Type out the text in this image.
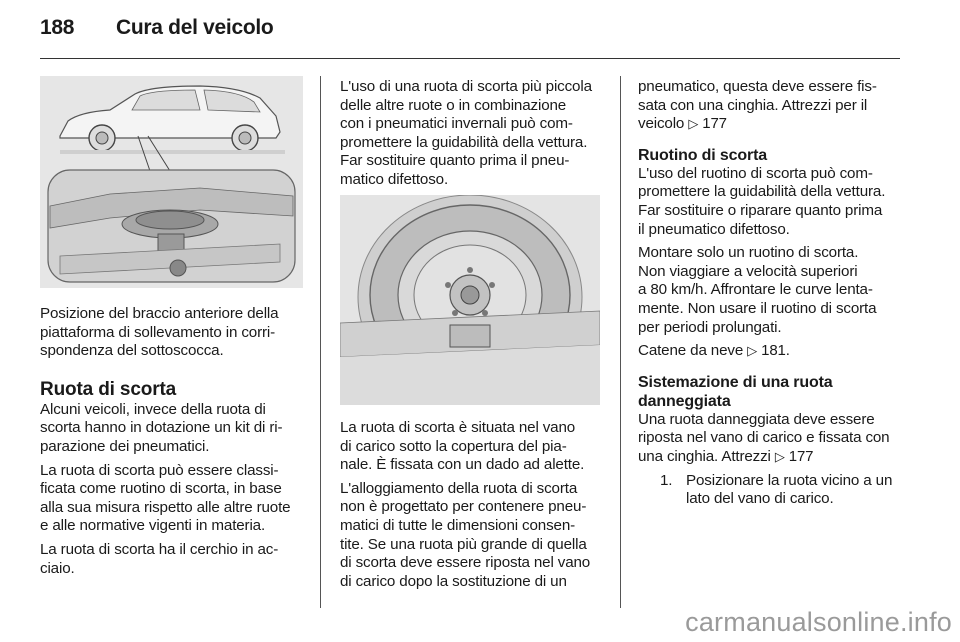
188 Cura del veicolo

Posizione del braccio anteriore della
piattaforma di sollevamento in corri-
spondenza del sottoscocca.

Ruota di scorta

Alcuni veicoli, invece della ruota di
scorta hanno in dotazione un kit di ri-
parazione dei pneumatici.

La ruota di scorta può essere classi-
ficata come ruotino di scorta, in base
alla sua misura rispetto alle altre ruote
e alle normative vigenti in materia.

La ruota di scorta ha il cerchio in ac-
ciaio.

L'uso di una ruota di scorta più piccola
delle altre ruote o in combinazione
con i pneumatici invernali può com-
promettere la guidabilità della vettura.
Far sostituire quanto prima il pneu-
matico difettoso.

La ruota di scorta è situata nel vano
di carico sotto la copertura del pia-
nale. È fissata con un dado ad alette.

L'alloggiamento della ruota di scorta
non è progettato per contenere pneu-
matici di tutte le dimensioni consen-
tite. Se una ruota più grande di quella
di scorta deve essere riposta nel vano
di carico dopo la sostituzione di un

pneumatico, questa deve essere fis-
sata con una cinghia. Attrezzi per il
veicolo ▷ 177

Ruotino di scorta

L'uso del ruotino di scorta può com-
promettere la guidabilità della vettura.
Far sostituire o riparare quanto prima
il pneumatico difettoso.

Montare solo un ruotino di scorta.
Non viaggiare a velocità superiori
a 80 km/h. Affrontare le curve lenta-
mente. Non usare il ruotino di scorta
per periodi prolungati.

Catene da neve ▷ 181.

Sistemazione di una ruota
danneggiata

Una ruota danneggiata deve essere
riposta nel vano di carico e fissata con
una cinghia. Attrezzi ▷ 177

1. Posizionare la ruota vicino a un
lato del vano di carico.
carmanualsonline.info
